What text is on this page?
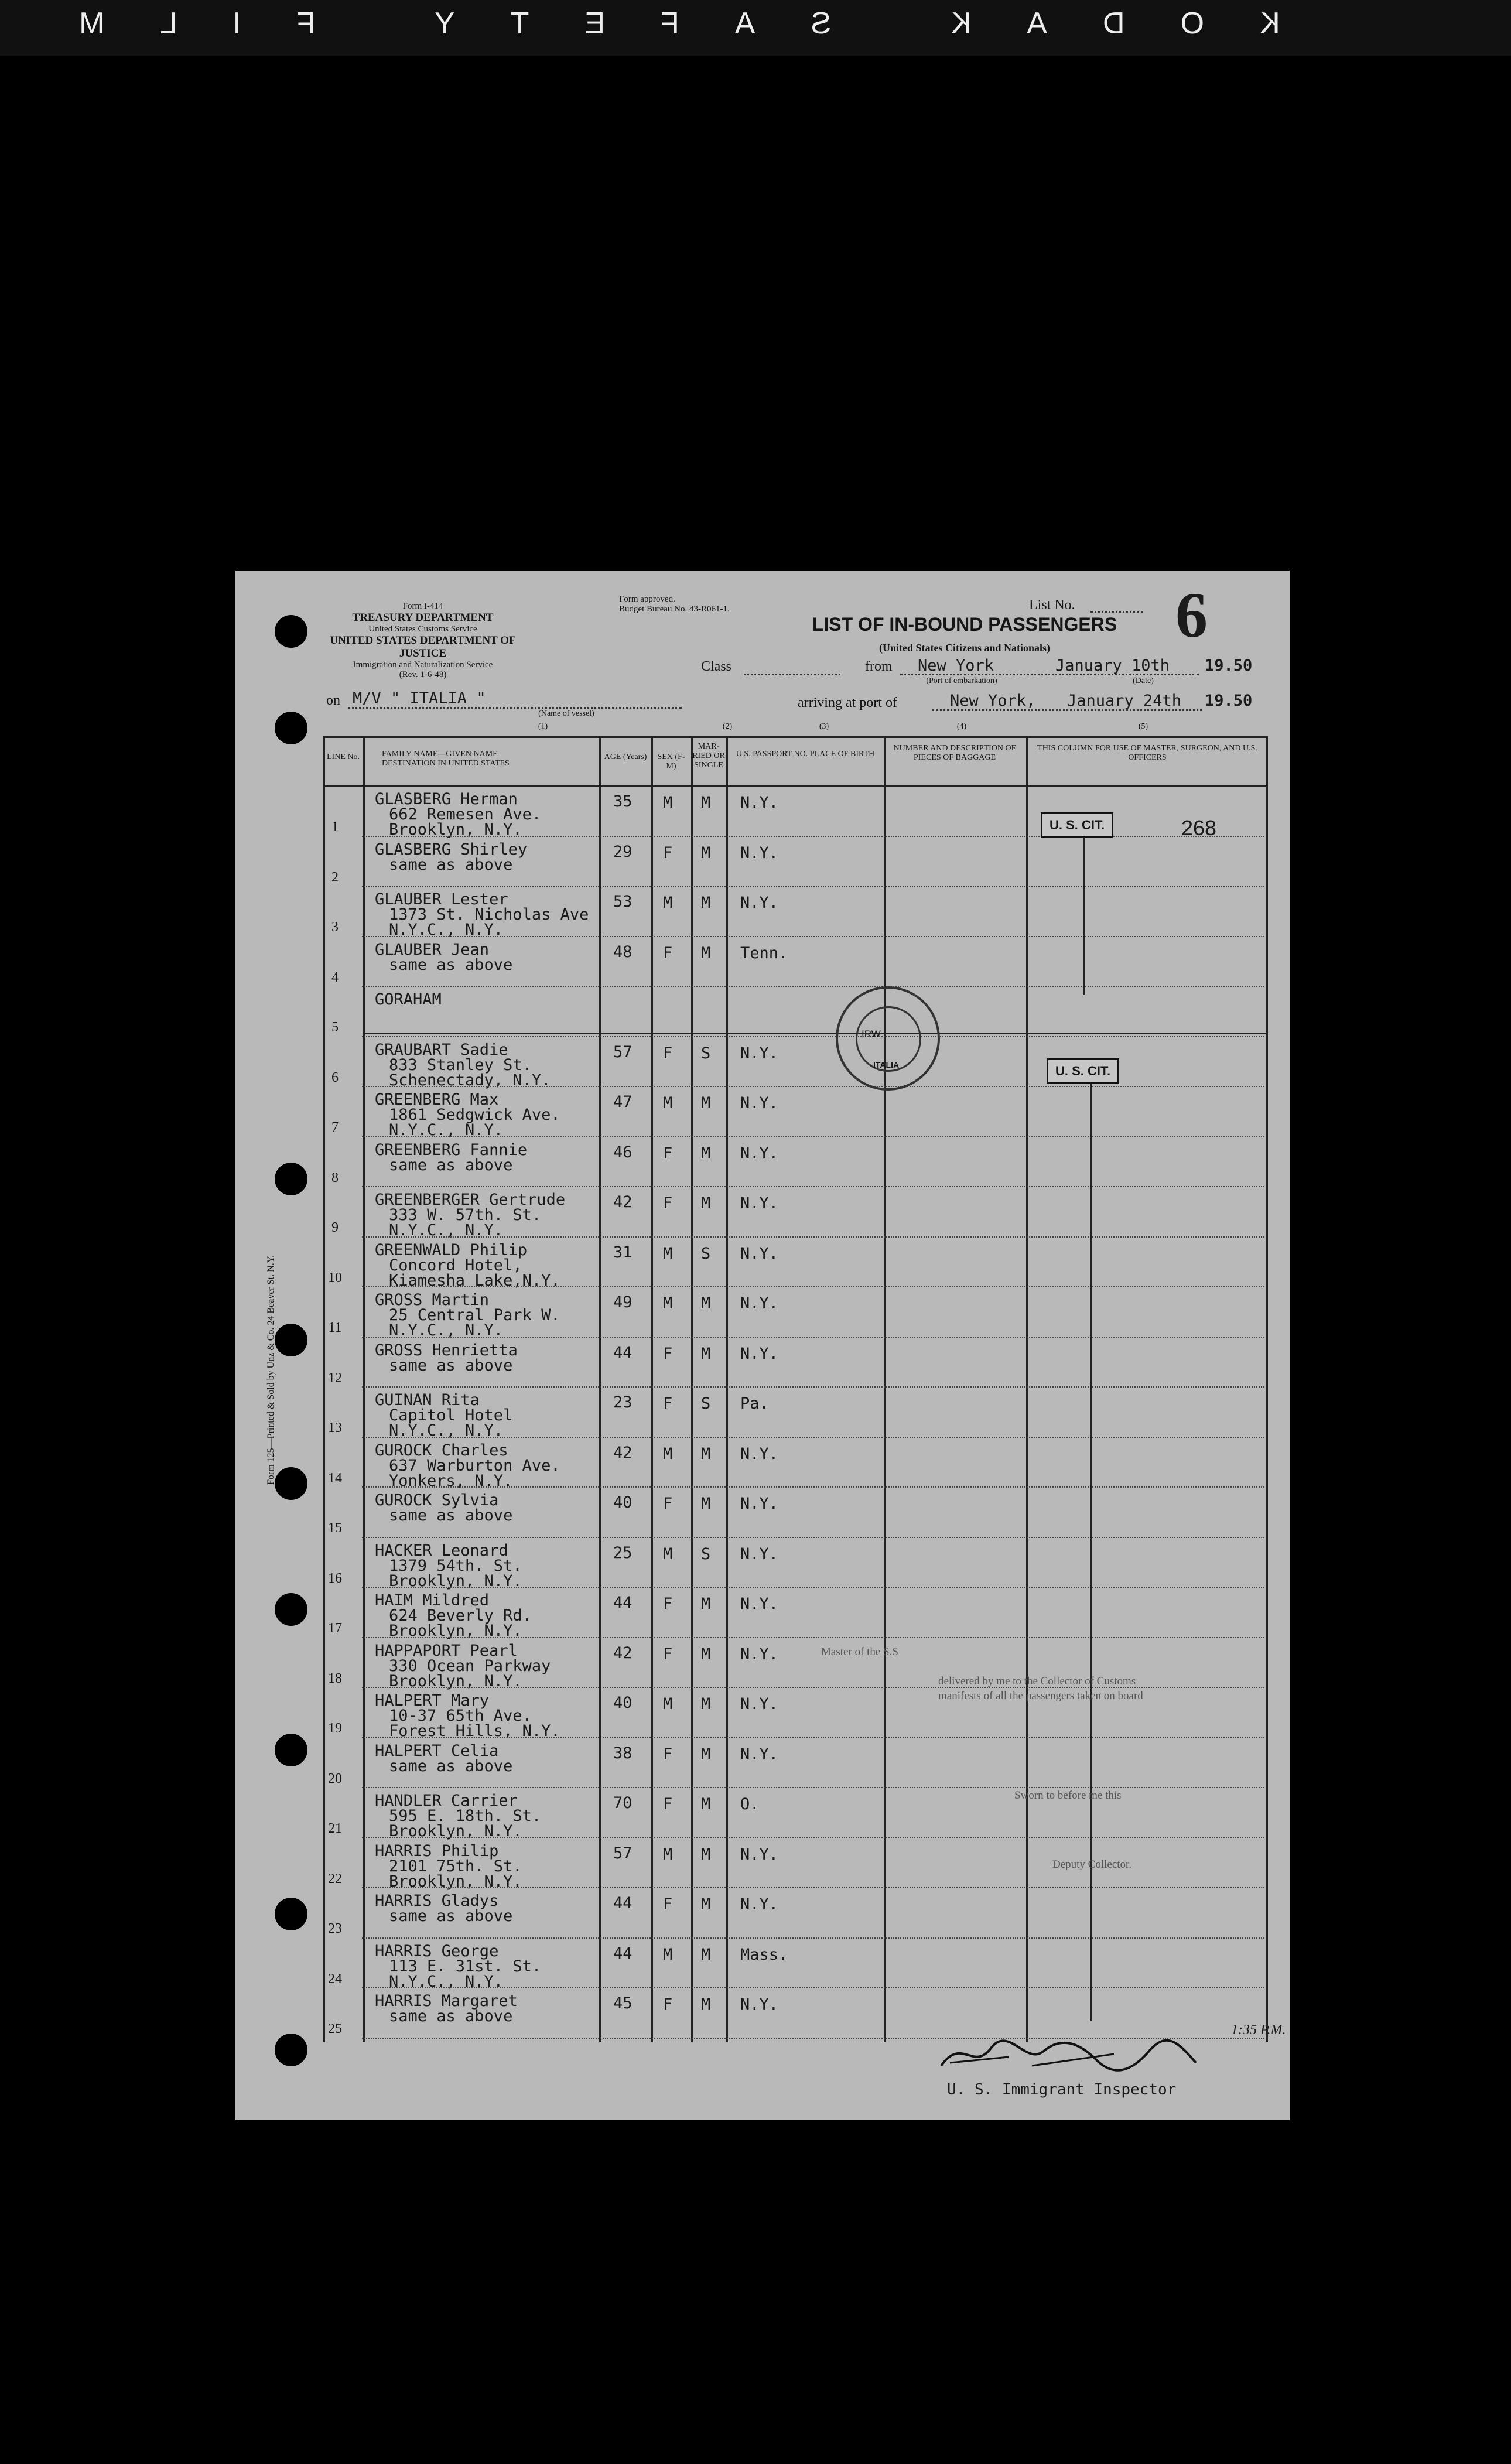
KODAK SAFETY FILM
Form 125—Printed & Sold by Unz & Co. 24 Beaver St. N.Y.
Form I-414
TREASURY DEPARTMENT
United States Customs Service
UNITED STATES DEPARTMENT OF JUSTICE
Immigration and Naturalization Service
(Rev. 1-6-48)
Form approved.
Budget Bureau No. 43-R061-1.	List No. 6
LIST OF IN-BOUND PASSENGERS
(United States Citizens and Nationals)
Class	from New York	January 10th 19.50
(Port of embarkation)	(Date)
on M/V " ITALIA "
(Name of vessel)
arriving at port of	New York, January 24th 19.50
(1)	(2)	(3)	(4)	(5)
LINE No.	FAMILY NAME—GIVEN NAME DESTINATION IN UNITED STATES
AGE (Years)	SEX (F-M)
MAR-RIED OR SINGLE
U.S. PASSPORT NO. PLACE OF BIRTH
NUMBER AND DESCRIPTION OF PIECES OF BAGGAGE
THIS COLUMN FOR USE OF MASTER, SURGEON, AND U.S. OFFICERS
1
GLASBERG Herman
662 Remesen Ave.
Brooklyn, N.Y.
35 M M N.Y.
2
GLASBERG Shirley
same as above
29 F M N.Y.
3
GLAUBER Lester
1373 St. Nicholas Ave
N.Y.C., N.Y.
53 M M N.Y.
4
GLAUBER Jean
same as above
48 F M Tenn.
5
GORAHAM
6
GRAUBART Sadie
833 Stanley St.
Schenectady, N.Y.
57 F S N.Y.
7
GREENBERG Max
1861 Sedgwick Ave.
N.Y.C., N.Y.
47 M M N.Y.
8
GREENBERG Fannie
same as above
46 F M N.Y.
9
GREENBERGER Gertrude
333 W. 57th. St.
N.Y.C., N.Y.
42 F M N.Y.
10
GREENWALD Philip
Concord Hotel,
Kiamesha Lake,N.Y.
31 M S N.Y.
11
GROSS Martin
25 Central Park W.
N.Y.C., N.Y.
49 M M N.Y.
12
GROSS Henrietta
same as above
44 F M N.Y.
13
GUINAN Rita
Capitol Hotel
N.Y.C., N.Y.
23 F S Pa.
14
GUROCK Charles
637 Warburton Ave.
Yonkers, N.Y.
42 M M N.Y.
15
GUROCK Sylvia
same as above
40 F M N.Y.
16
HACKER Leonard
1379 54th. St.
Brooklyn, N.Y.
25 M S N.Y.
17
HAIM Mildred
624 Beverly Rd.
Brooklyn, N.Y.
44 F M N.Y.
18
HAPPAPORT Pearl
330 Ocean Parkway
Brooklyn, N.Y.
42 F M N.Y.
19
HALPERT Mary
10-37 65th Ave.
Forest Hills, N.Y.
40 M M N.Y.
20
HALPERT Celia
same as above
38 F M N.Y.
21
HANDLER Carrier
595 E. 18th. St.
Brooklyn, N.Y.
70 F M O.
22
HARRIS Philip
2101 75th. St.
Brooklyn, N.Y.
57 M M N.Y.
23
HARRIS Gladys
same as above
44 F M N.Y.
24
HARRIS George
113 E. 31st. St.
N.Y.C., N.Y.
44 M M Mass.
25
HARRIS Margaret
same as above
45 F M N.Y.
U. S. CIT.	268
U. S. CIT.
ITALIA
IRW
Master of the S.S
delivered by me to the Collector of Customs
manifests of all the passengers taken on board
Sworn to before me this
Deputy Collector.
1:35 P.M.
U. S. Immigrant Inspector
